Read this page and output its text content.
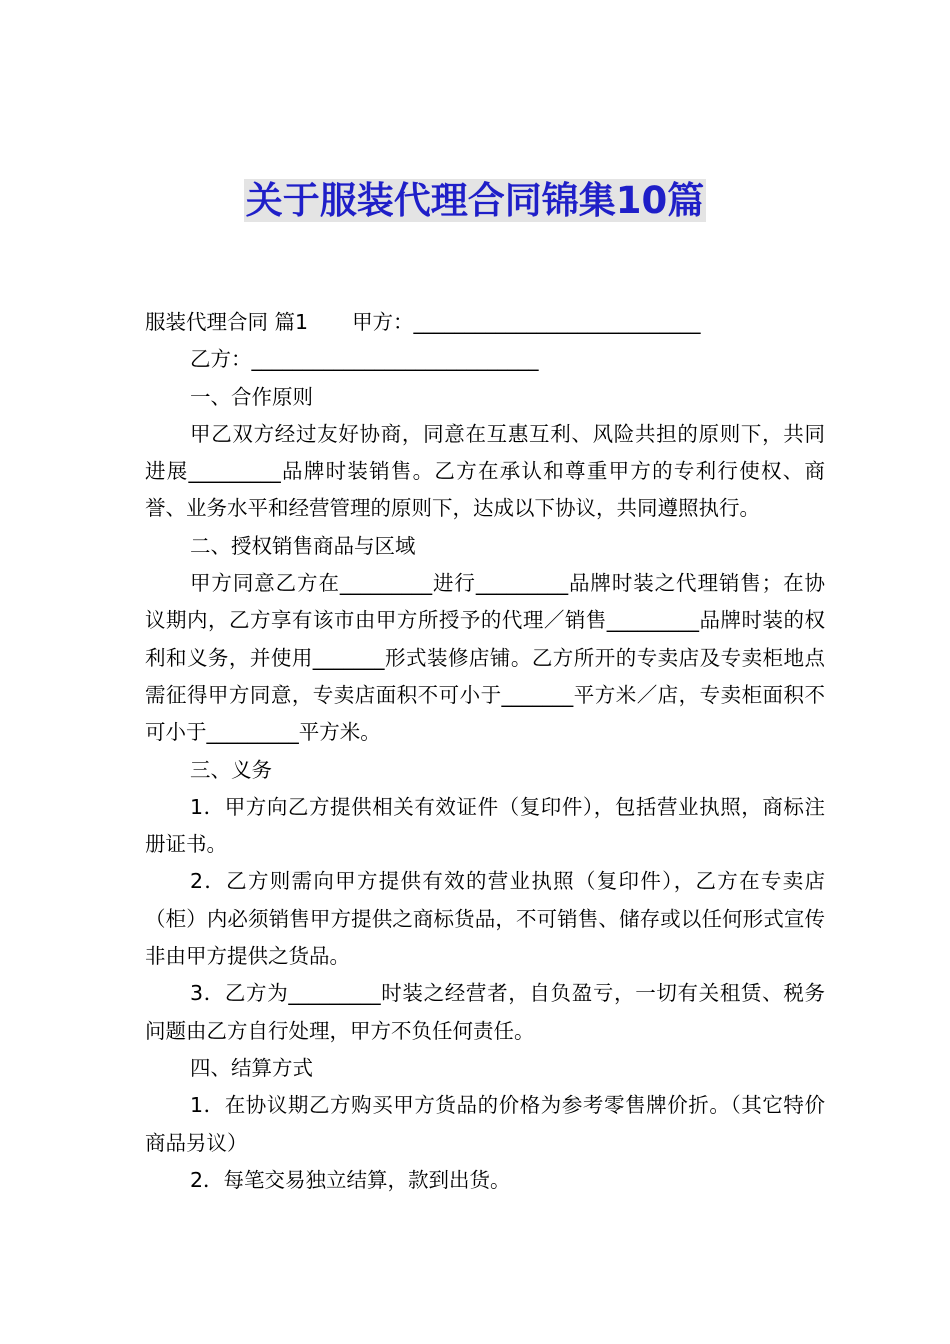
关于服装代理合同锦集10篇

服装代理合同 篇1 甲方：____________________________

乙方：____________________________

一、合作原则

甲乙双方经过友好协商，同意在互惠互利、风险共担的原则下，共同进展_________品牌时装销售。乙方在承认和尊重甲方的专利行使权、商誉、业务水平和经营管理的原则下，达成以下协议，共同遵照执行。

二、授权销售商品与区域

甲方同意乙方在_________进行_________品牌时装之代理销售；在协议期内，乙方享有该市由甲方所授予的代理／销售_________品牌时装的权利和义务，并使用_______形式装修店铺。乙方所开的专卖店及专卖柜地点需征得甲方同意，专卖店面积不可小于_______平方米／店，专卖柜面积不可小于_________平方米。

三、义务

1．甲方向乙方提供相关有效证件（复印件），包括营业执照，商标注册证书。

2．乙方则需向甲方提供有效的营业执照（复印件），乙方在专卖店（柜）内必须销售甲方提供之商标货品，不可销售、储存或以任何形式宣传非由甲方提供之货品。

3．乙方为_________时装之经营者，自负盈亏，一切有关租赁、税务问题由乙方自行处理，甲方不负任何责任。

四、结算方式

1．在协议期乙方购买甲方货品的价格为参考零售牌价折。（其它特价商品另议）

2．每笔交易独立结算，款到出货。
